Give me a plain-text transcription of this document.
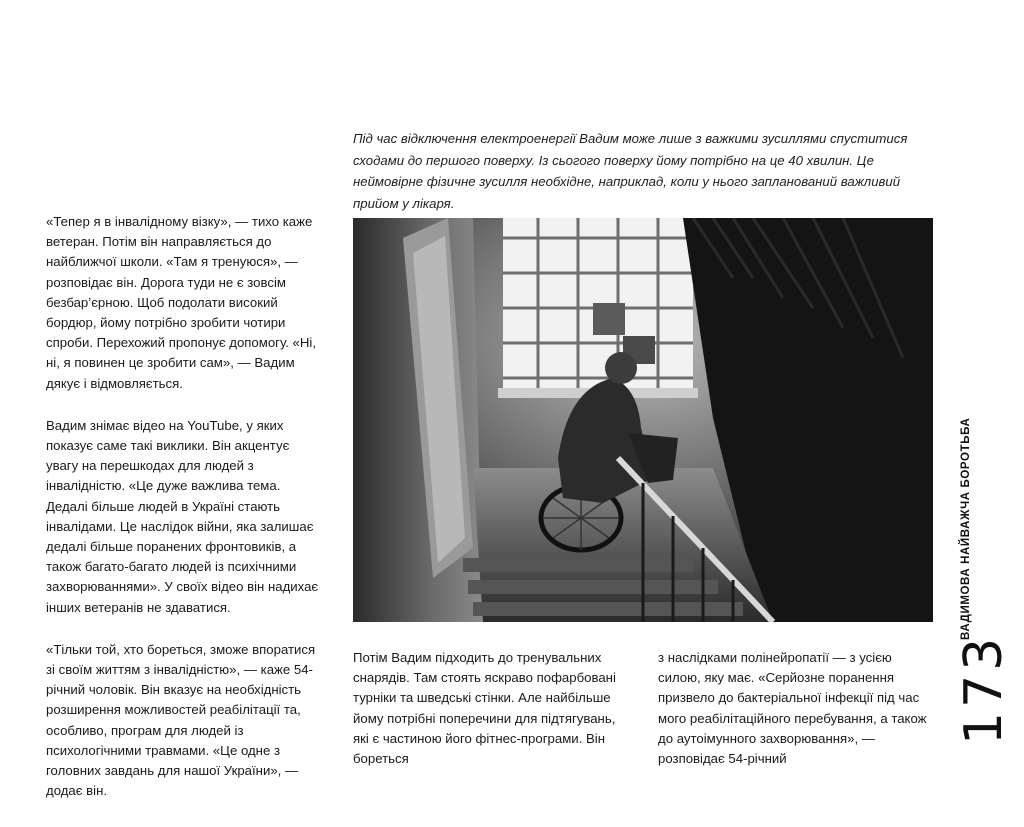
Під час відключення електроенергії Вадим може лише з важкими зусиллями спуститися сходами до першого поверху. Із сьогого поверху йому потрібно на це 40 хвилин. Це неймовірне фізичне зусилля необхідне, наприклад, коли у нього запланований важливий прийом у лікаря.

«Тепер я в інвалідному візку», — тихо каже ветеран. Потім він направляється до найближчої школи. «Там я тренуюся», — розповідає він. Дорога туди не є зовсім безбар’єрною. Щоб подолати високий бордюр, йому потрібно зробити чотири спроби. Перехожий пропонує допомогу. «Ні, ні, я повинен це зробити сам», — Вадим дякує і відмовляється.

Вадим знімає відео на YouTube, у яких показує саме такі виклики. Він акцентує увагу на перешкодах для людей з інвалідністю. «Це дуже важлива тема. Дедалі більше людей в Україні стають інвалідами. Це наслідок війни, яка залишає дедалі більше поранених фронтовиків, а також багато-багато людей із психічними захворюваннями». У своїх відео він надихає інших ветеранів не здаватися.

«Тільки той, хто бореться, зможе впоратися зі своїм життям з інвалідністю», — каже 54-річний чоловік. Він вказує на необхідність розширення можливостей реабілітації та, особливо, програм для людей із психологічними травмами. «Це одне з головних завдань для нашої України», — додає він.

Потім Вадим підходить до тренувальних снарядів. Там стоять яскраво пофарбовані турніки та шведські стінки. Але найбільше йому потрібні поперечини для підтягувань, які є частиною його фітнес-програми. Він бореться
з наслідками полінейропатії — з усією силою, яку має. «Серйозне поранення призвело до бактеріальної інфекції під час мого реабілітаційного перебування, а також до аутоімунного захворювання», — розповідає 54-річний
ВАДИМОВА НАЙВАЖЧА БОРОТЬБА
173
